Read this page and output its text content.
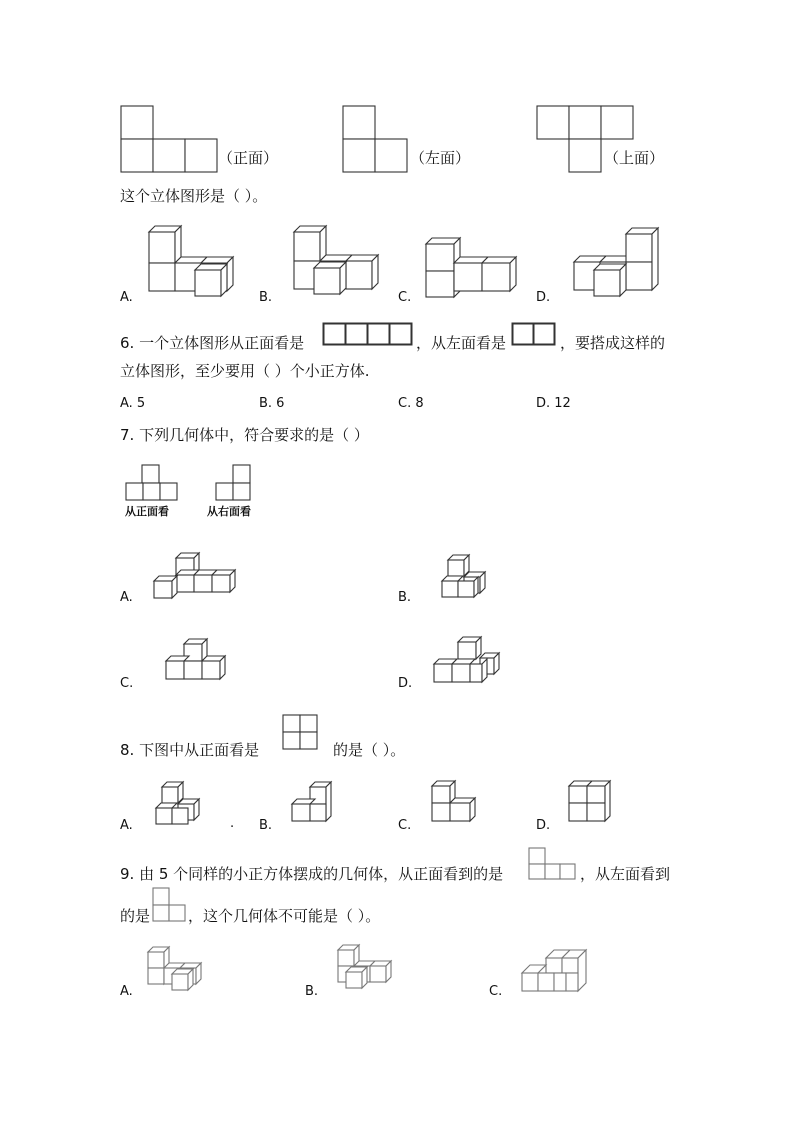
（正面）	（左面）	（上面）
这个立体图形是（ ）。
A.	B.	C.	D.
6. 一个立体图形从正面看是	，从左面看是	，要搭成这样的
立体图形，至少要用（ ）个小正方体.
A. 5	B. 6	C. 8	D. 12
7. 下列几何体中，符合要求的是（ ）
从正面看	从右面看
A.	B.
C.	D.
8. 下图中从正面看是	的是（ ）。
A.	. B.	C.	D.
9. 由 5 个同样的小正方体摆成的几何体，从正面看到的是	，从左面看到
的是	，这个几何体不可能是（ ）。
A.	B.	C.
